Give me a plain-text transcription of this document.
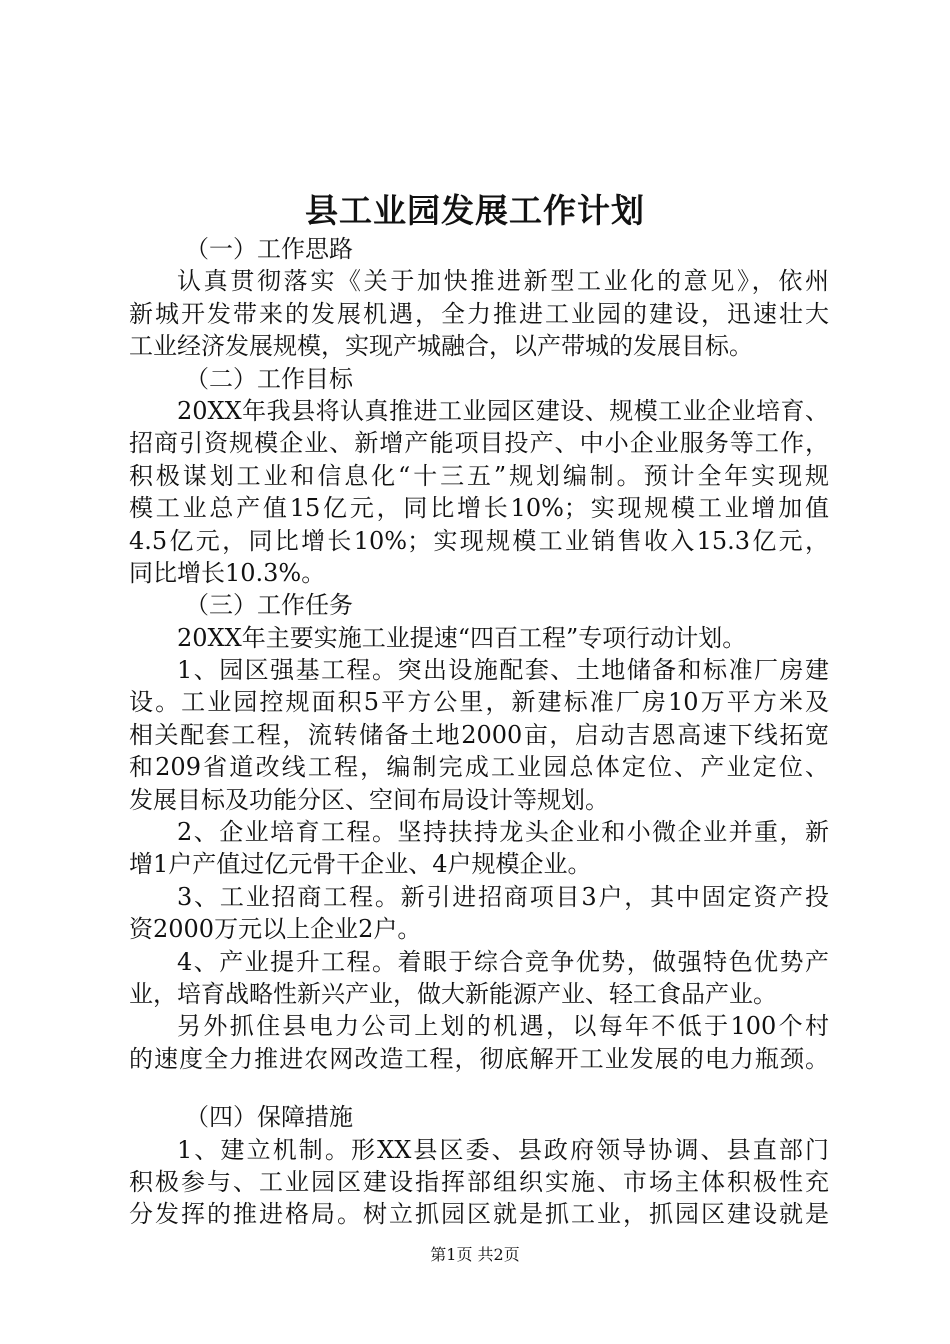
县工业园发展工作计划
（一）工作思路
认真贯彻落实《关于加快推进新型工业化的意见》，依州
新城开发带来的发展机遇，全力推进工业园的建设，迅速壮大
工业经济发展规模，实现产城融合，以产带城的发展目标。
（二）工作目标
20XX年我县将认真推进工业园区建设、规模工业企业培育、
招商引资规模企业、新增产能项目投产、中小企业服务等工作，
积极谋划工业和信息化“十三五”规划编制。预计全年实现规
模工业总产值15亿元，同比增长10%；实现规模工业增加值
4.5亿元，同比增长10%；实现规模工业销售收入15.3亿元，
同比增长10.3%。
（三）工作任务
20XX年主要实施工业提速“四百工程”专项行动计划。
1、园区强基工程。突出设施配套、土地储备和标准厂房建
设。工业园控规面积5平方公里，新建标准厂房10万平方米及
相关配套工程，流转储备土地2000亩，启动吉恩高速下线拓宽
和209省道改线工程，编制完成工业园总体定位、产业定位、
发展目标及功能分区、空间布局设计等规划。
2、企业培育工程。坚持扶持龙头企业和小微企业并重，新
增1户产值过亿元骨干企业、4户规模企业。
3、工业招商工程。新引进招商项目3户，其中固定资产投
资2000万元以上企业2户。
4、产业提升工程。着眼于综合竞争优势，做强特色优势产
业，培育战略性新兴产业，做大新能源产业、轻工食品产业。
另外抓住县电力公司上划的机遇，以每年不低于100个村
的速度全力推进农网改造工程，彻底解开工业发展的电力瓶颈。
（四）保障措施
1、建立机制。形XX县区委、县政府领导协调、县直部门
积极参与、工业园区建设指挥部组织实施、市场主体积极性充
分发挥的推进格局。树立抓园区就是抓工业，抓园区建设就是
第1页 共2页
